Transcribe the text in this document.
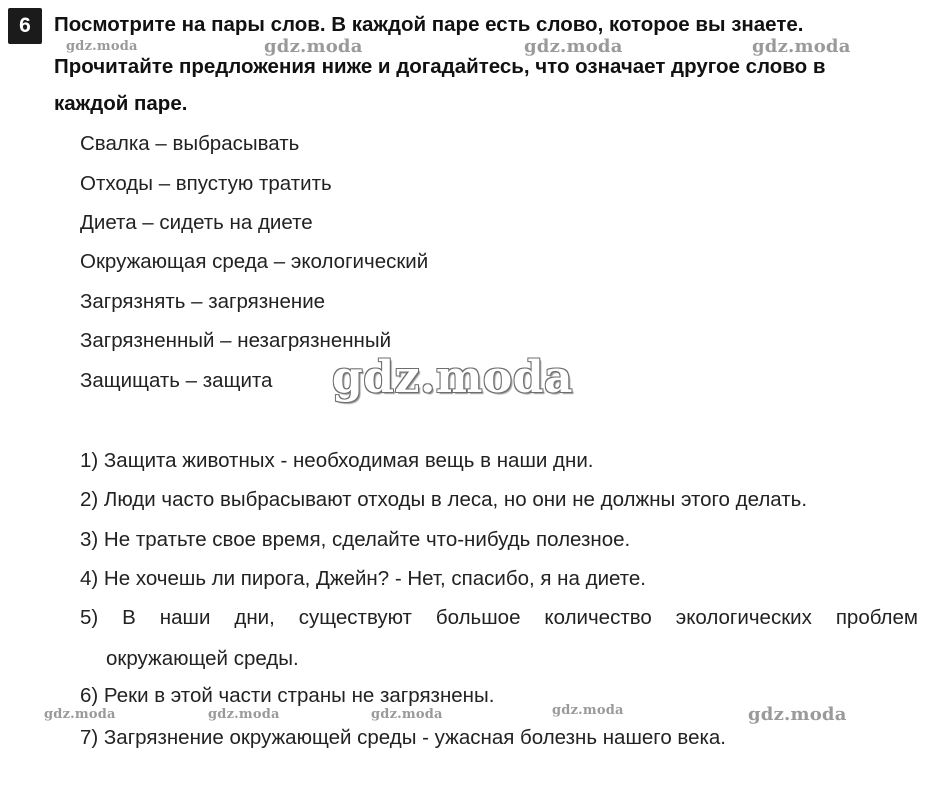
6 Посмотрите на пары слов. В каждой паре есть слово, которое вы знаете.
Прочитайте предложения ниже и догадайтесь, что означает другое слово в
каждой паре.
Свалка – выбрасывать
Отходы – впустую тратить
Диета – сидеть на диете
Окружающая среда – экологический
Загрязнять – загрязнение
Загрязненный – незагрязненный
Защищать – защита
1) Защита животных - необходимая вещь в наши дни.
2) Люди часто выбрасывают отходы в леса, но они не должны этого делать.
3) Не тратьте свое время, сделайте что-нибудь полезное.
4) Не хочешь ли пирога, Джейн? - Нет, спасибо, я на диете.
5) В наши дни, существуют большое количество экологических проблем
окружающей среды.
6) Реки в этой части страны не загрязнены.
7) Загрязнение окружающей среды - ужасная болезнь нашего века.
gdz.moda	gdz.moda	gdz.moda	gdz.moda
gdz.moda
gdz.moda	gdz.moda	gdz.moda	gdz.moda	gdz.moda
